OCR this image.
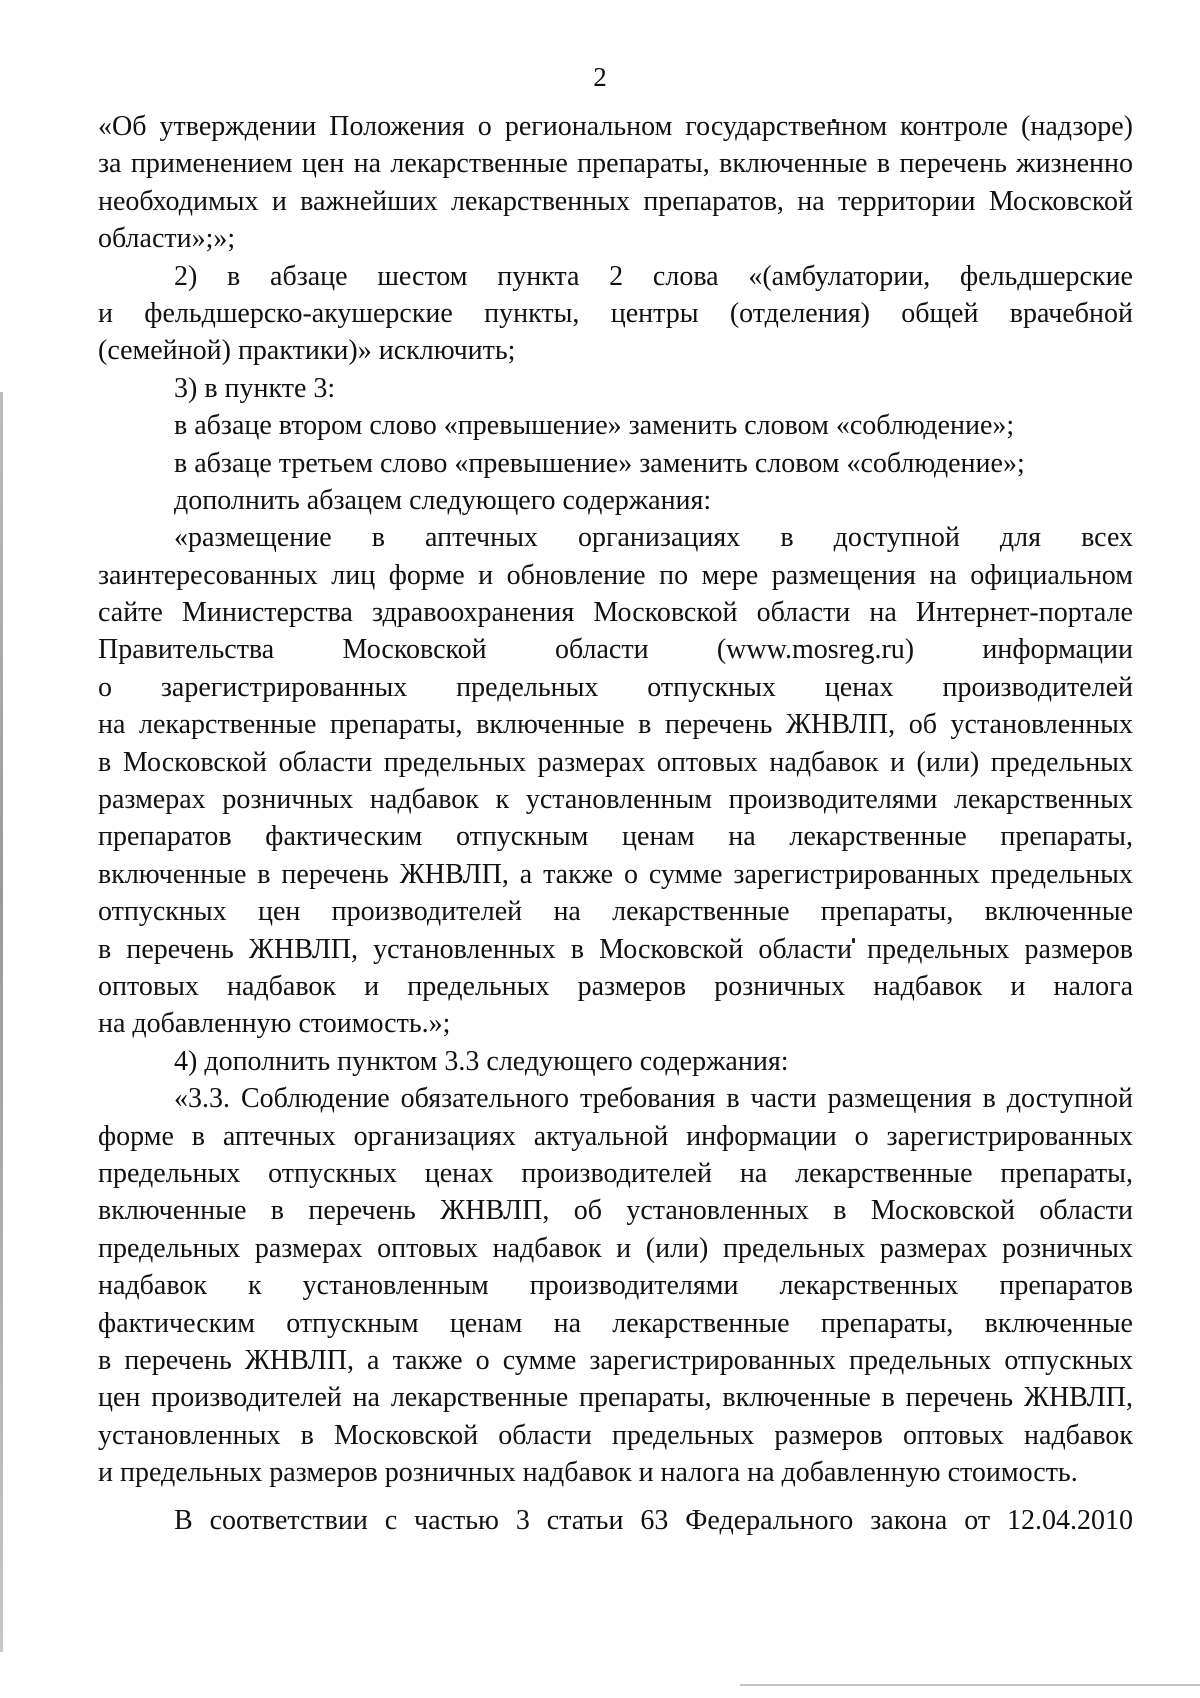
2
«Об утверждении Положения о региональном государственном контроле (надзоре)
за применением цен на лекарственные препараты, включенные в перечень жизненно
необходимых и важнейших лекарственных препаратов, на территории Московской
области»;»;
2) в абзаце шестом пункта 2 слова «(амбулатории, фельдшерские
и фельдшерско-акушерские пункты, центры (отделения) общей врачебной
(семейной) практики)» исключить;
3) в пункте 3:
в абзаце втором слово «превышение» заменить словом «соблюдение»;
в абзаце третьем слово «превышение» заменить словом «соблюдение»;
дополнить абзацем следующего содержания:
«размещение в аптечных организациях в доступной для всех
заинтересованных лиц форме и обновление по мере размещения на официальном
сайте Министерства здравоохранения Московской области на Интернет-портале
Правительства Московской области (www.mosreg.ru) информации
о зарегистрированных предельных отпускных ценах производителей
на лекарственные препараты, включенные в перечень ЖНВЛП, об установленных
в Московской области предельных размерах оптовых надбавок и (или) предельных
размерах розничных надбавок к установленным производителями лекарственных
препаратов фактическим отпускным ценам на лекарственные препараты,
включенные в перечень ЖНВЛП, а также о сумме зарегистрированных предельных
отпускных цен производителей на лекарственные препараты, включенные
в перечень ЖНВЛП, установленных в Московской области предельных размеров
оптовых надбавок и предельных размеров розничных надбавок и налога
на добавленную стоимость.»;
4) дополнить пунктом 3.3 следующего содержания:
«3.3. Соблюдение обязательного требования в части размещения в доступной
форме в аптечных организациях актуальной информации о зарегистрированных
предельных отпускных ценах производителей на лекарственные препараты,
включенные в перечень ЖНВЛП, об установленных в Московской области
предельных размерах оптовых надбавок и (или) предельных размерах розничных
надбавок к установленным производителями лекарственных препаратов
фактическим отпускным ценам на лекарственные препараты, включенные
в перечень ЖНВЛП, а также о сумме зарегистрированных предельных отпускных
цен производителей на лекарственные препараты, включенные в перечень ЖНВЛП,
установленных в Московской области предельных размеров оптовых надбавок
и предельных размеров розничных надбавок и налога на добавленную стоимость.
В соответствии с частью 3 статьи 63 Федерального закона от 12.04.2010
